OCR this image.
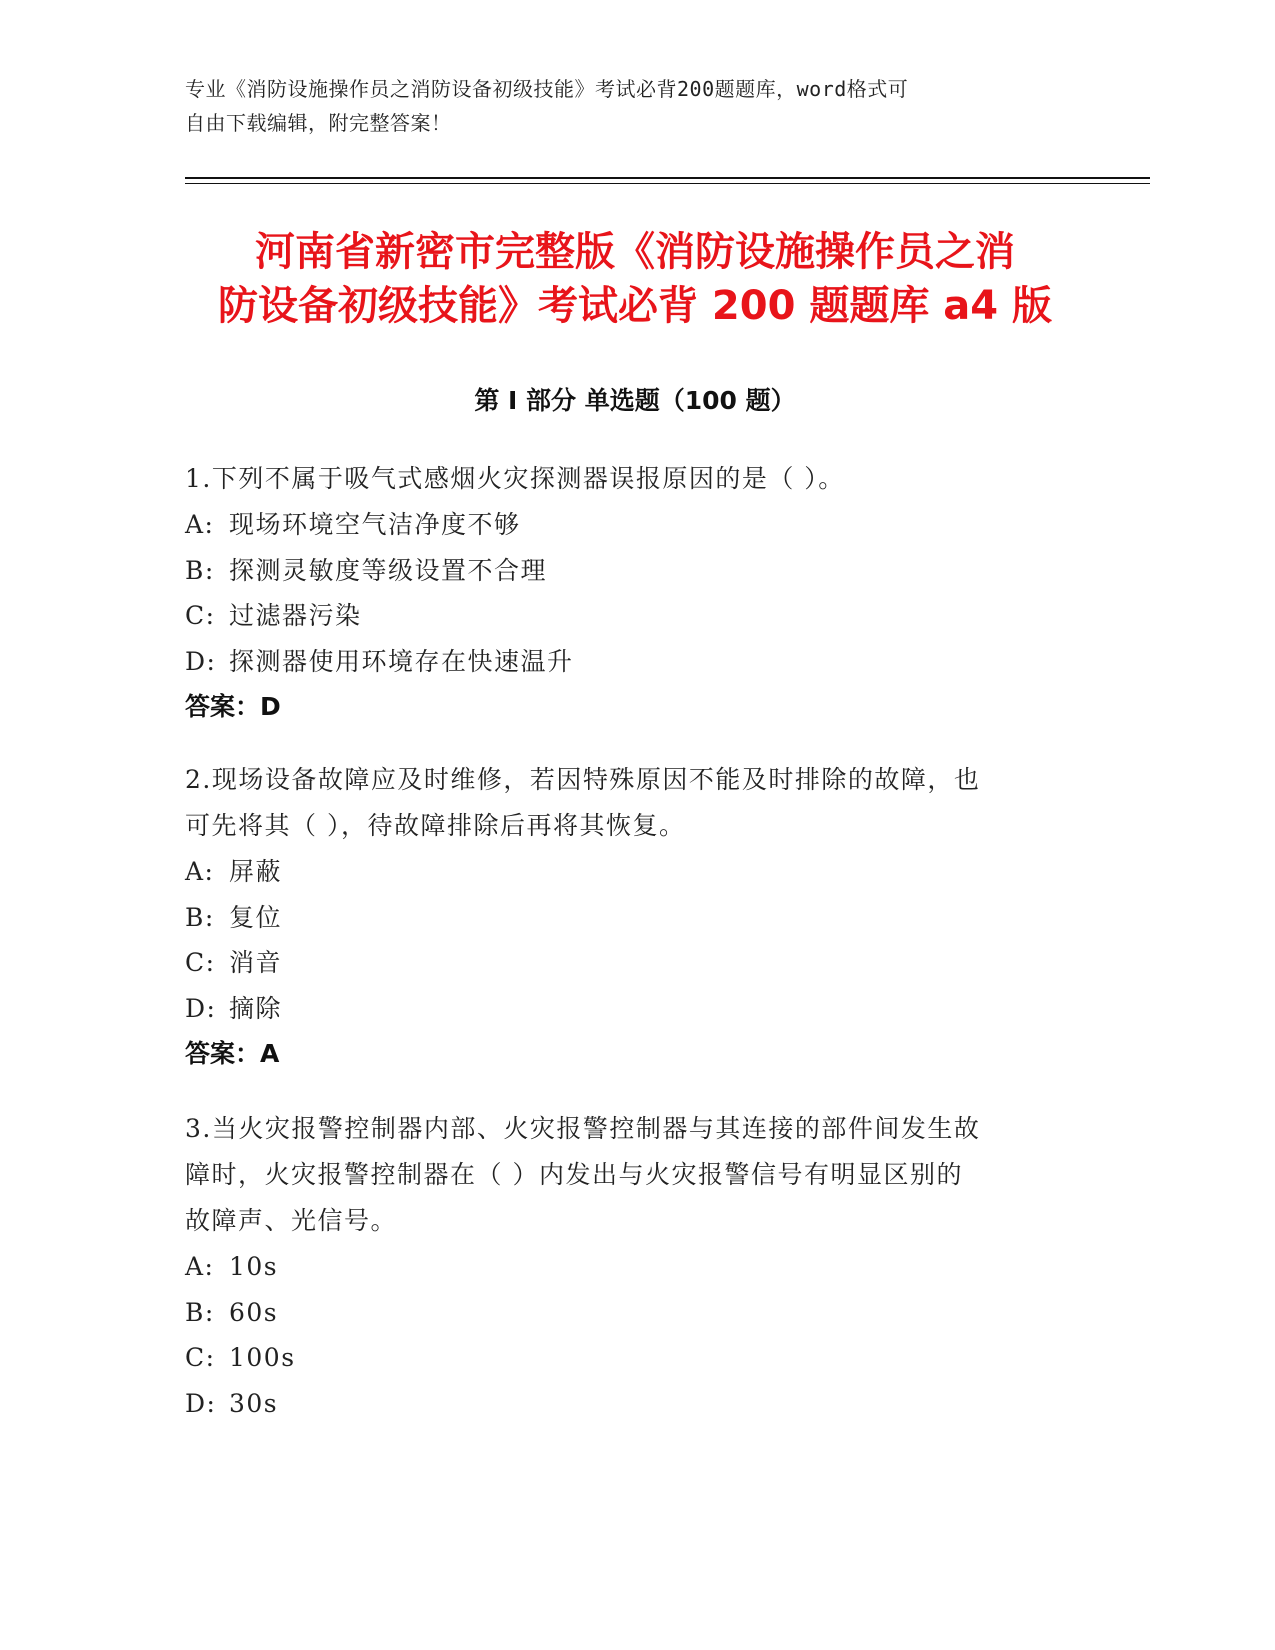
专业《消防设施操作员之消防设备初级技能》考试必背200题题库，word格式可
自由下载编辑，附完整答案！
河南省新密市完整版《消防设施操作员之消
防设备初级技能》考试必背 200 题题库 a4 版
第 I 部分 单选题（100 题）
1.下列不属于吸气式感烟火灾探测器误报原因的是（ ）。
A: 现场环境空气洁净度不够
B: 探测灵敏度等级设置不合理
C: 过滤器污染
D: 探测器使用环境存在快速温升
答案：D
2.现场设备故障应及时维修，若因特殊原因不能及时排除的故障，也
可先将其（ ），待故障排除后再将其恢复。
A: 屏蔽
B: 复位
C: 消音
D: 摘除
答案：A
3.当火灾报警控制器内部、火灾报警控制器与其连接的部件间发生故
障时，火灾报警控制器在（ ）内发出与火灾报警信号有明显区别的
故障声、光信号。
A: 10s
B: 60s
C: 100s
D: 30s
